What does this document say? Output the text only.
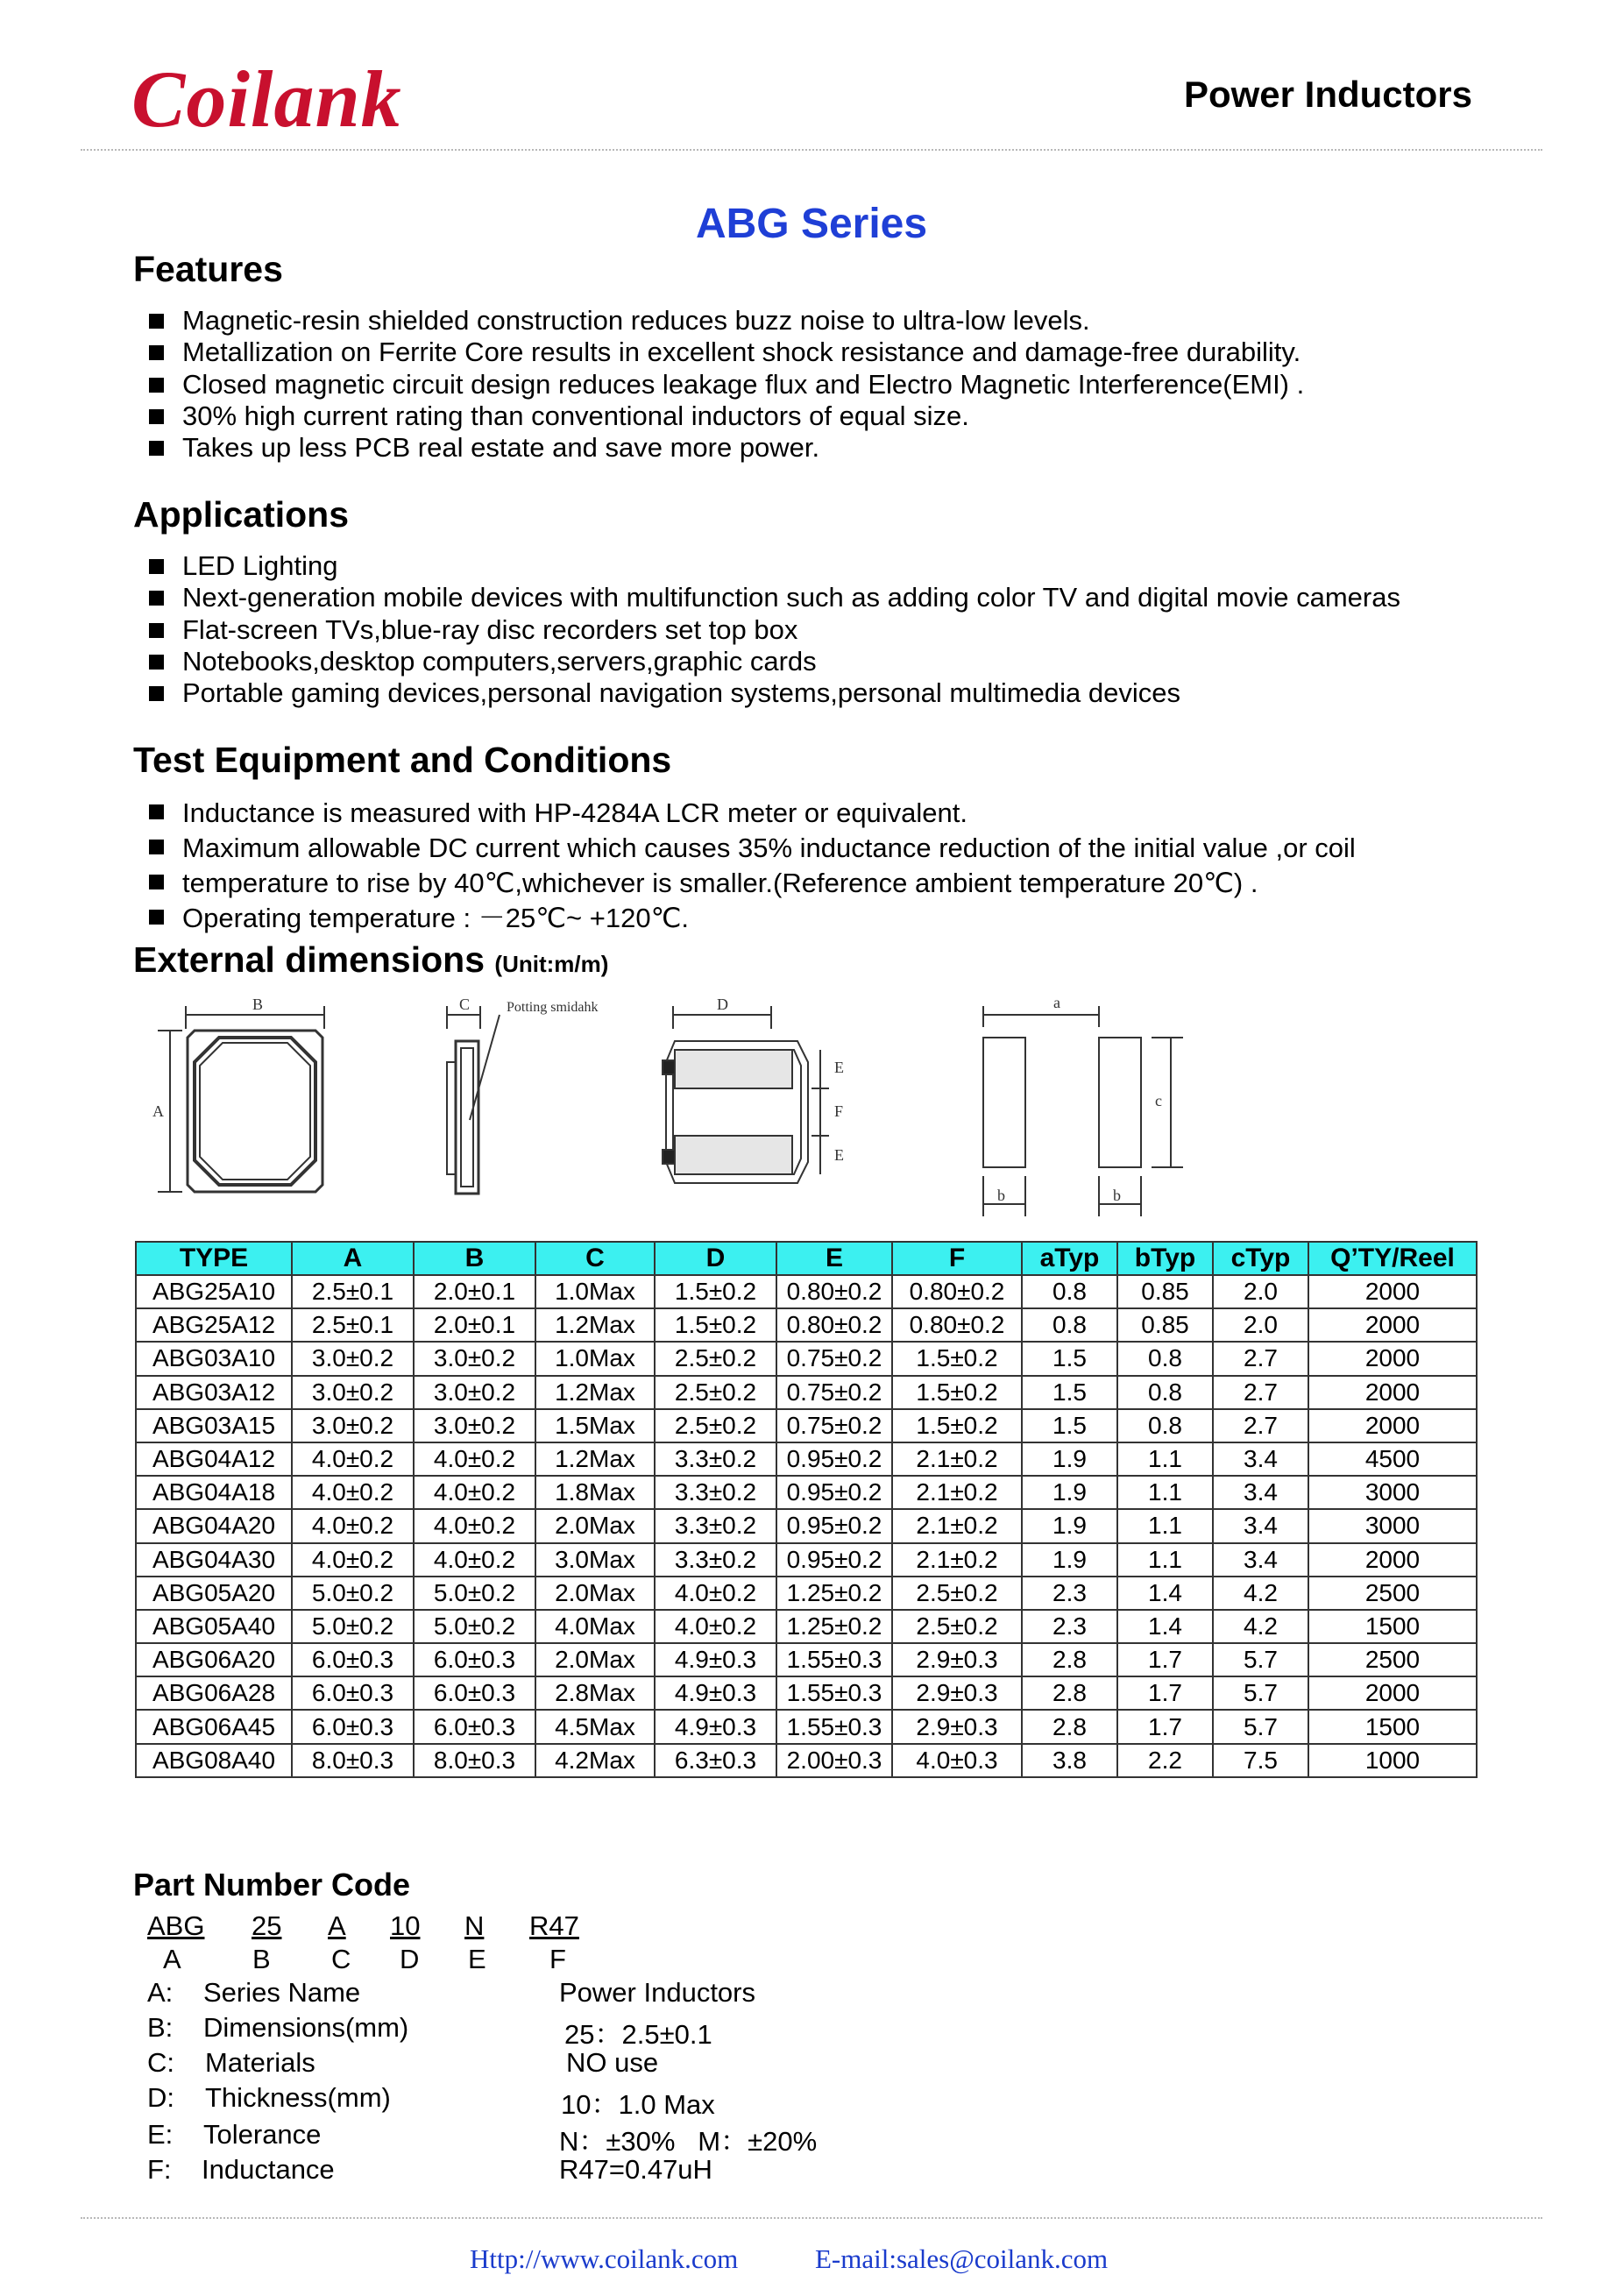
Coilank	Power Inductors
ABG Series
Features
Magnetic-resin shielded construction reduces buzz noise to ultra-low levels.
Metallization on Ferrite Core results in excellent shock resistance and damage-free durability.
Closed magnetic circuit design reduces leakage flux and Electro Magnetic Interference(EMI) .
30% high current rating than conventional inductors of equal size.
Takes up less PCB real estate and save more power.
Applications
LED Lighting
Next-generation mobile devices with multifunction such as adding color TV and digital movie cameras
Flat-screen TVs,blue-ray disc recorders set top box
Notebooks,desktop computers,servers,graphic cards
Portable gaming devices,personal navigation systems,personal multimedia devices
Test Equipment and Conditions
Inductance is measured with HP-4284A LCR meter or equivalent.
Maximum allowable DC current which causes 35% inductance reduction of the initial value ,or coil
temperature to rise by 40℃,whichever is smaller.(Reference ambient temperature 20℃) .
Operating temperature : －25℃~ +120℃.
External dimensions (Unit:m/m)
B
A
C	Potting smidahk	D
E
F
E
a
c
b	b
TYPE	A	B	C	D	E	F	aTyp	bTyp	cTyp	Q’TY/Reel
ABG25A10	2.5±0.1	2.0±0.1	1.0Max	1.5±0.2	0.80±0.2	0.80±0.2	0.8	0.85	2.0	2000
ABG25A12	2.5±0.1	2.0±0.1	1.2Max	1.5±0.2	0.80±0.2	0.80±0.2	0.8	0.85	2.0	2000
ABG03A10	3.0±0.2	3.0±0.2	1.0Max	2.5±0.2	0.75±0.2	1.5±0.2	1.5	0.8	2.7	2000
ABG03A12	3.0±0.2	3.0±0.2	1.2Max	2.5±0.2	0.75±0.2	1.5±0.2	1.5	0.8	2.7	2000
ABG03A15	3.0±0.2	3.0±0.2	1.5Max	2.5±0.2	0.75±0.2	1.5±0.2	1.5	0.8	2.7	2000
ABG04A12	4.0±0.2	4.0±0.2	1.2Max	3.3±0.2	0.95±0.2	2.1±0.2	1.9	1.1	3.4	4500
ABG04A18	4.0±0.2	4.0±0.2	1.8Max	3.3±0.2	0.95±0.2	2.1±0.2	1.9	1.1	3.4	3000
ABG04A20	4.0±0.2	4.0±0.2	2.0Max	3.3±0.2	0.95±0.2	2.1±0.2	1.9	1.1	3.4	3000
ABG04A30	4.0±0.2	4.0±0.2	3.0Max	3.3±0.2	0.95±0.2	2.1±0.2	1.9	1.1	3.4	2000
ABG05A20	5.0±0.2	5.0±0.2	2.0Max	4.0±0.2	1.25±0.2	2.5±0.2	2.3	1.4	4.2	2500
ABG05A40	5.0±0.2	5.0±0.2	4.0Max	4.0±0.2	1.25±0.2	2.5±0.2	2.3	1.4	4.2	1500
ABG06A20	6.0±0.3	6.0±0.3	2.0Max	4.9±0.3	1.55±0.3	2.9±0.3	2.8	1.7	5.7	2500
ABG06A28	6.0±0.3	6.0±0.3	2.8Max	4.9±0.3	1.55±0.3	2.9±0.3	2.8	1.7	5.7	2000
ABG06A45	6.0±0.3	6.0±0.3	4.5Max	4.9±0.3	1.55±0.3	2.9±0.3	2.8	1.7	5.7	1500
ABG08A40	8.0±0.3	8.0±0.3	4.2Max	6.3±0.3	2.00±0.3	4.0±0.3	3.8	2.2	7.5	1000
Part Number Code
ABG 25 A 10 N R47
A	B C D E F
A: Series Name	Power Inductors
B: Dimensions(mm)	25：2.5±0.1
C: Materials	NO use
D: Thickness(mm)	10：1.0 Max
E: Tolerance	N：±30%   M：±20%
F: Inductance	R47=0.47uH
Http://www.coilank.com	E-mail:sales@coilank.com
